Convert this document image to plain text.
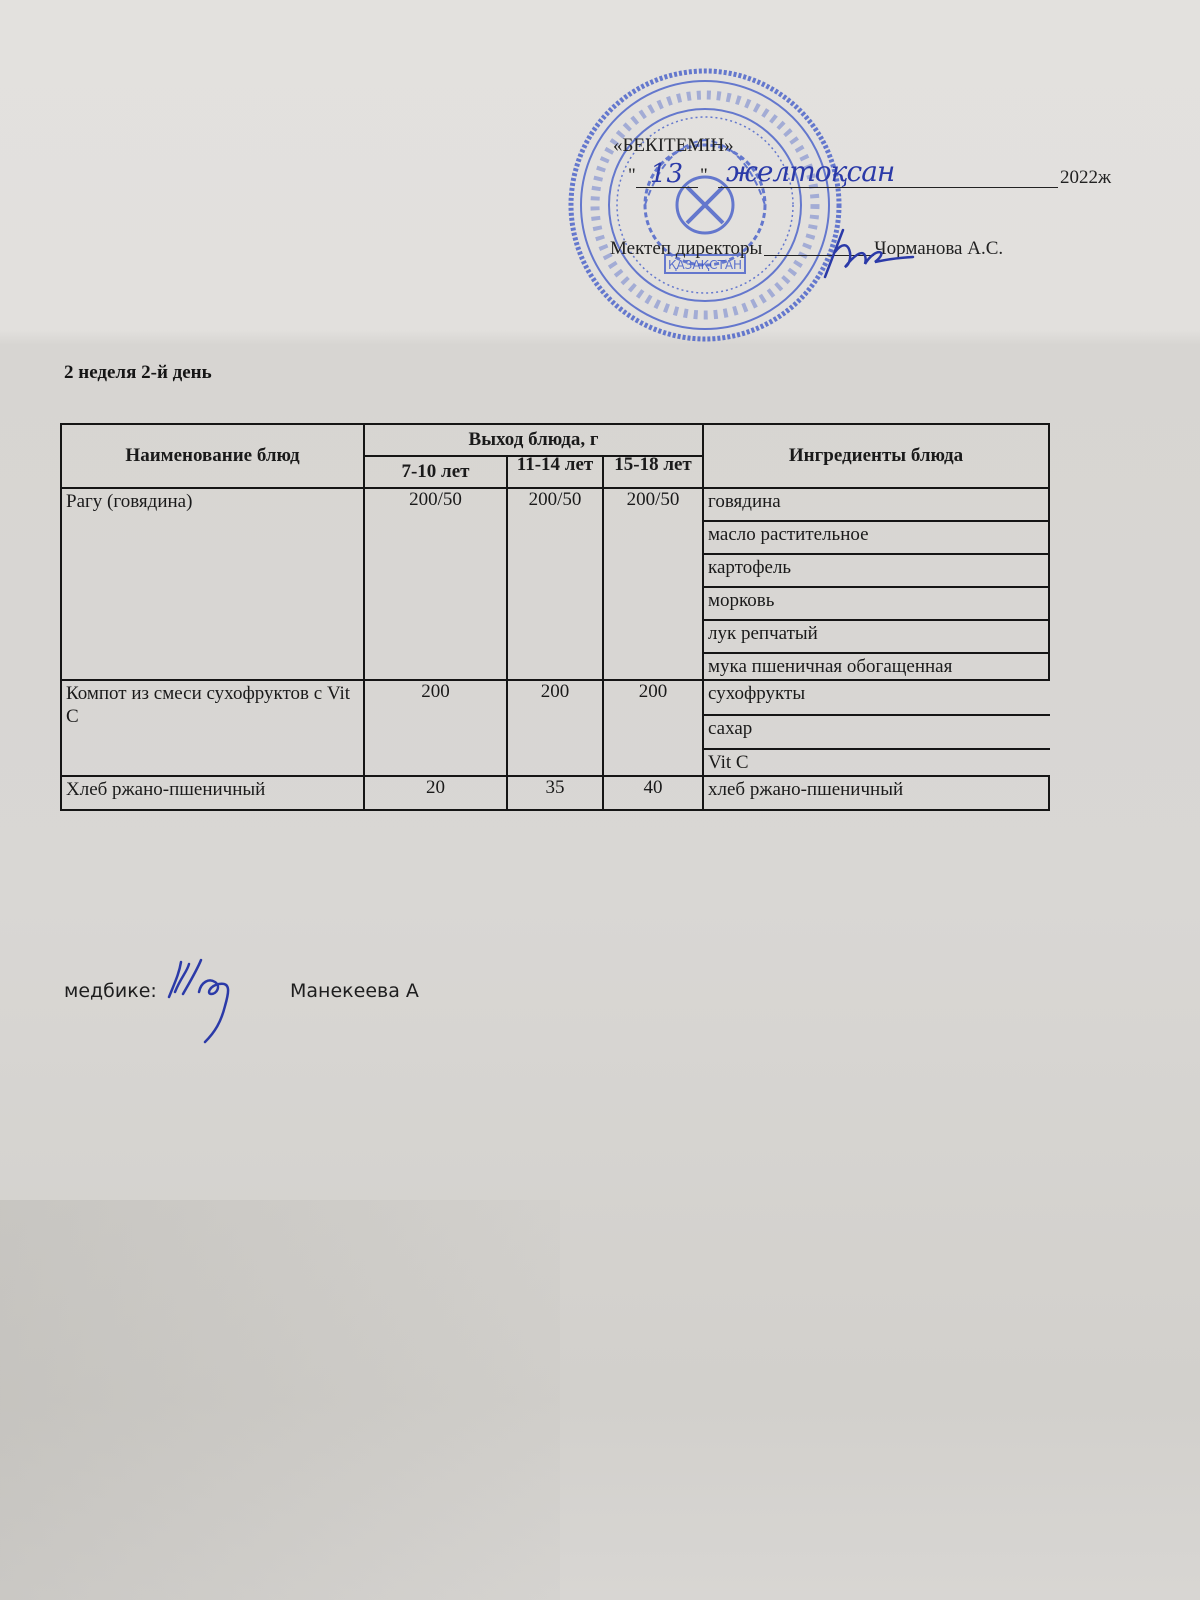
ҚАЗАҚСТАН
«БЕКІТЕМІН»
" 13 " желтоқсан	2022ж
Мектеп директоры	Чорманова А.С.
2 неделя 2-й день
Наименование блюд	Выход блюда, г			Ингредиенты блюда

	7-10 лет	11-14 лет	15-18 лет	

Рагу (говядина)	200/50	200/50	200/50	говядина
				масло растительное
				картофель
				морковь
				лук репчатый
				мука пшеничная обогащенная
Компот из смеси сухофруктов с Vit C	200	200	200	сухофрукты
				сахар
				Vit C
Хлеб ржано-пшеничный	20	35	40	хлеб ржано-пшеничный
медбике:	Манекеева А
